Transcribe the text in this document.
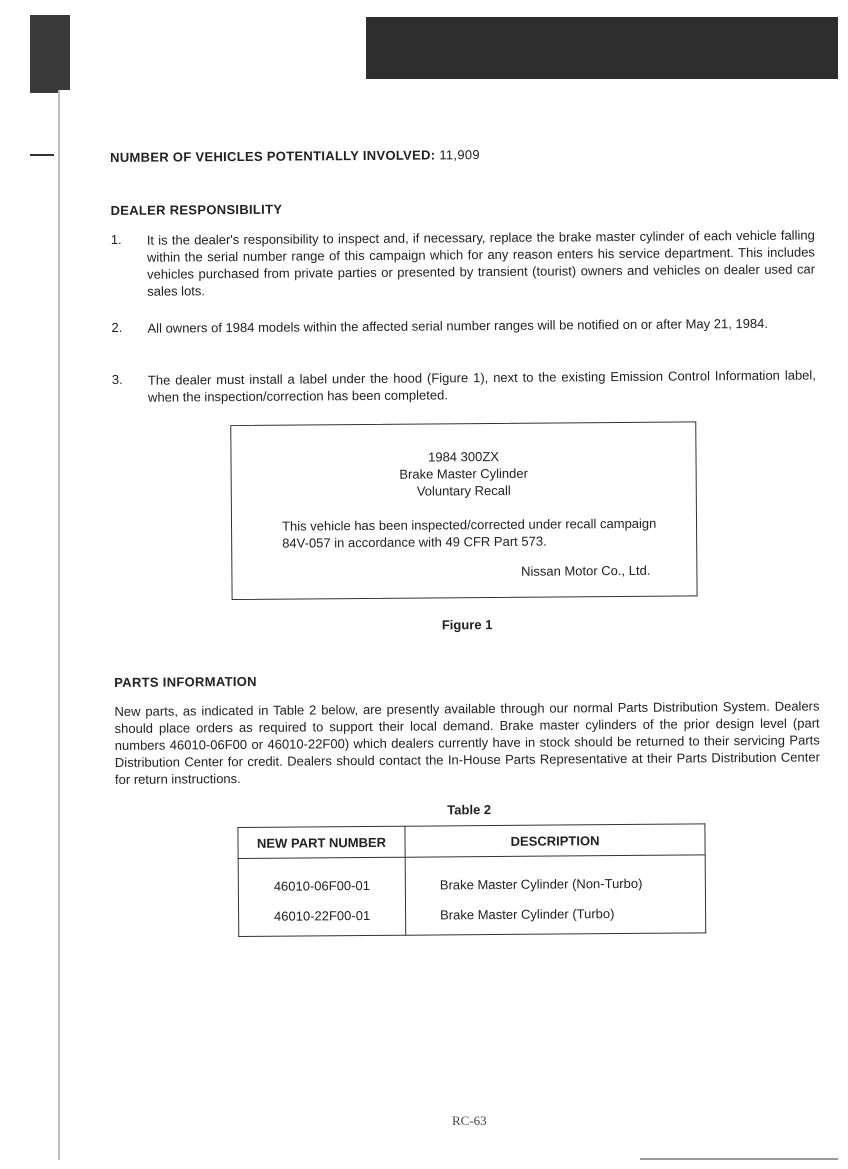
NUMBER OF VEHICLES POTENTIALLY INVOLVED: 11,909
DEALER RESPONSIBILITY
1. It is the dealer's responsibility to inspect and, if necessary, replace the brake master cylinder of each vehicle falling within the serial number range of this campaign which for any reason enters his service department. This includes vehicles purchased from private parties or presented by transient (tourist) owners and vehicles on dealer used car sales lots.
2. All owners of 1984 models within the affected serial number ranges will be notified on or after May 21, 1984.
3. The dealer must install a label under the hood (Figure 1), next to the existing Emission Control Information label, when the inspection/correction has been completed.
1984 300ZX
Brake Master Cylinder
Voluntary Recall
This vehicle has been inspected/corrected under recall campaign 84V-057 in accordance with 49 CFR Part 573.
Nissan Motor Co., Ltd.
Figure 1
PARTS INFORMATION
New parts, as indicated in Table 2 below, are presently available through our normal Parts Distribution System. Dealers should place orders as required to support their local demand. Brake master cylinders of the prior design level (part numbers 46010-06F00 or 46010-22F00) which dealers currently have in stock should be returned to their servicing Parts Distribution Center for credit. Dealers should contact the In-House Parts Representative at their Parts Distribution Center for return instructions.
Table 2
NEW PART NUMBER	DESCRIPTION
46010-06F00-01	Brake Master Cylinder (Non-Turbo)
46010-22F00-01	Brake Master Cylinder (Turbo)
RC-63
